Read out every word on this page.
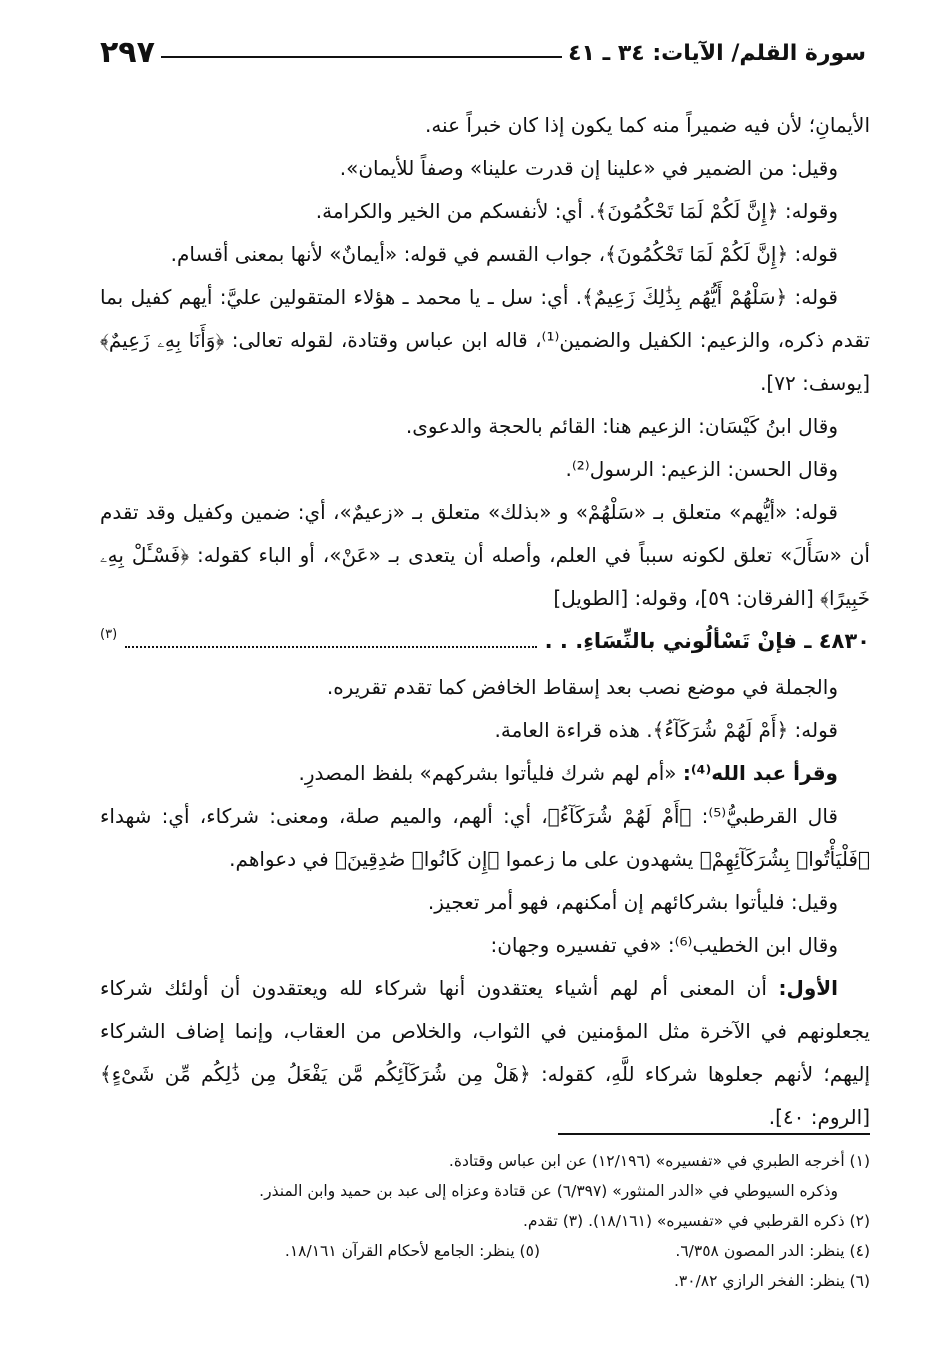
سورة القلم/ الآيات: ٣٤ ـ ٤١
٢٩٧

الأيمانِ؛ لأن فيه ضميراً منه كما يكون إذا كان خبراً عنه.

وقيل: من الضمير في «علينا إن قدرت علينا» وصفاً للأيمان».

وقوله: ﴿إِنَّ لَكُمْ لَمَا تَحْكُمُونَ﴾. أي: لأنفسكم من الخير والكرامة.

قوله: ﴿إِنَّ لَكُمْ لَمَا تَحْكُمُونَ﴾، جواب القسم في قوله: «أيمانٌ» لأنها بمعنى أقسام.

قوله: ﴿سَلْهُمْ أَيُّهُم بِذَٰلِكَ زَعِيمٌ﴾. أي: سل ـ يا محمد ـ هؤلاء المتقولين عليَّ: أيهم كفيل بما تقدم ذكره، والزعيم: الكفيل والضمين⁽¹⁾، قاله ابن عباس وقتادة، لقوله تعالى: ﴿وَأَنَا بِهِۦ زَعِيمٌ﴾ [يوسف: ٧٢].

وقال ابنُ كَيْسَان: الزعيم هنا: القائم بالحجة والدعوى.

وقال الحسن: الزعيم: الرسول⁽²⁾.

قوله: «أيُّهم» متعلق بـ «سَلْهُمْ» و «بذلك» متعلق بـ «زعيمٌ»، أي: ضمين وكفيل وقد تقدم أن «سَأَلَ» تعلق لكونه سبباً في العلم، وأصله أن يتعدى بـ «عَنْ»، أو الباء كقوله: ﴿فَسْـَٔلْ بِهِۦ خَبِيرًا﴾ [الفرقان: ٥٩]، وقوله: [الطويل]

٤٨٣٠ ـ فإنْ تَسْألُوني بالنِّسَاءِ. . .
(٣)

والجملة في موضع نصب بعد إسقاط الخافض كما تقدم تقريره.

قوله: ﴿أَمْ لَهُمْ شُرَكَآءُ﴾. هذه قراءة العامة.

وقرأ عبد الله⁽⁴⁾: «أم لهم شرك فليأتوا بشركهم» بلفظ المصدرِ.

قال القرطبيُّ⁽⁵⁾: ﴿أَمْ لَهُمْ شُرَكَآءُ﴾، أي: ألهم، والميم صلة، ومعنى: شركاء، أي: شهداء ﴿فَلْيَأْتُوا۟ بِشُرَكَآئِهِمْ﴾ يشهدون على ما زعموا ﴿إِن كَانُوا۟ صَٰدِقِينَ﴾ في دعواهم.

وقيل: فليأتوا بشركائهم إن أمكنهم، فهو أمر تعجيز.

وقال ابن الخطيب⁽⁶⁾: «في تفسيره وجهان:

الأول: أن المعنى أم لهم أشياء يعتقدون أنها شركاء لله ويعتقدون أن أولئك شركاء يجعلونهم في الآخرة مثل المؤمنين في الثواب، والخلاص من العقاب، وإنما إضاف الشركاء إليهم؛ لأنهم جعلوها شركاء للَّهِ، كقوله: ﴿هَلْ مِن شُرَكَآئِكُم مَّن يَفْعَلُ مِن ذَٰلِكُم مِّن شَىْءٍ﴾ [الروم: ٤٠].

(١) أخرجه الطبري في «تفسيره» (١٢/١٩٦) عن ابن عباس وقتادة.

وذكره السيوطي في «الدر المنثور» (٦/٣٩٧) عن قتادة وعزاه إلى عبد بن حميد وابن المنذر.

(٢) ذكره القرطبي في «تفسيره» (١٨/١٦١). (٣) تقدم.

(٤) ينظر: الدر المصون ٦/٣٥٨.
(٥) ينظر: الجامع لأحكام القرآن ١٨/١٦١.

(٦) ينظر: الفخر الرازي ٣٠/٨٢.
